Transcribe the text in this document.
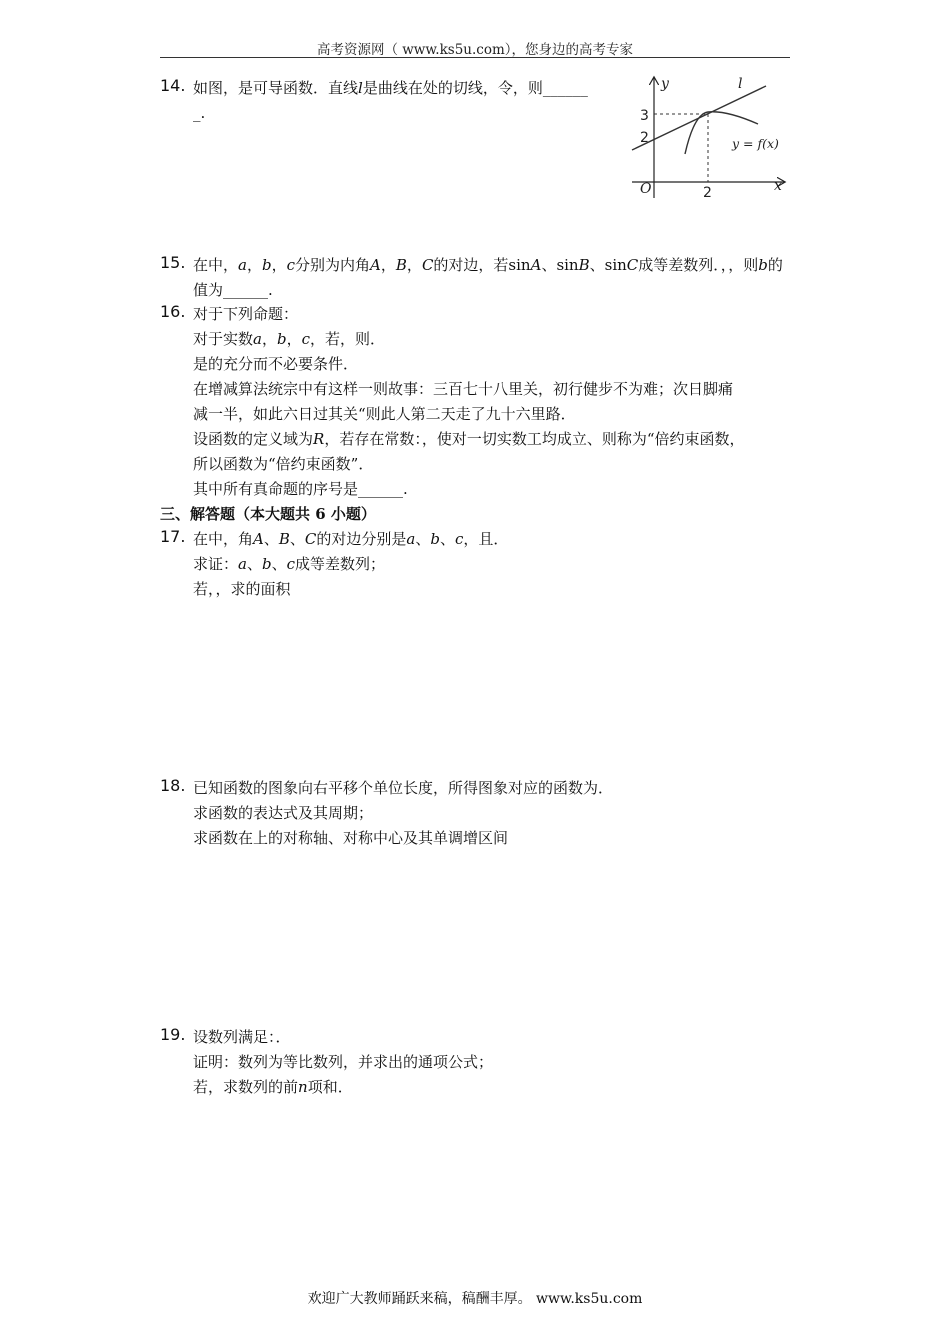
高考资源网（ www.ks5u.com），您身边的高考专家
14. 如图，是可导函数．直线l是曲线在处的切线，令，则______
_.
y
x
l
y = f(x)
O
3
2
2
15. 在中，a，b，c分别为内角A，B，C的对边，若sinA、sinB、sinC成等差数列．，，则b的
值为______.
16. 对于下列命题：
对于实数a，b，c，若，则．
是的充分而不必要条件．
在增减算法统宗中有这样一则故事：三百七十八里关，初行健步不为难；次日脚痛
减一半，如此六日过其关“则此人第二天走了九十六里路．
设函数的定义域为R，若存在常数：，使对一切实数工均成立、则称为“倍约束函数，
所以函数为“倍约束函数”．
其中所有真命题的序号是______.
三、解答题（本大题共 6 小题）
17. 在中，角A、B、C的对边分别是a、b、c，且．
求证：a、b、c成等差数列；
若，，求的面积
18. 已知函数的图象向右平移个单位长度，所得图象对应的函数为．
求函数的表达式及其周期；
求函数在上的对称轴、对称中心及其单调增区间
19. 设数列满足：．
证明：数列为等比数列，并求出的通项公式；
若，求数列的前n项和．
欢迎广大教师踊跃来稿，稿酬丰厚。 www.ks5u.com
